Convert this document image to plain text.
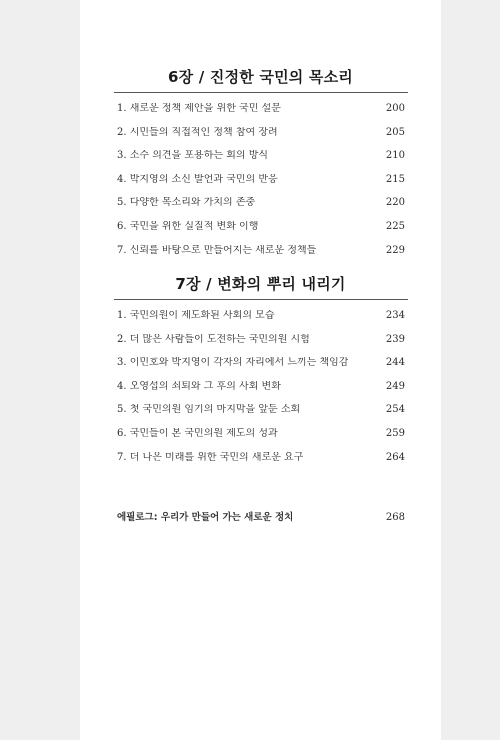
6장 / 진정한 국민의 목소리
1. 새로운 정책 제안을 위한 국민 설문	200
2. 시민들의 직접적인 정책 참여 장려	205
3. 소수 의견을 포용하는 회의 방식	210
4. 박지영의 소신 발언과 국민의 반응	215
5. 다양한 목소리와 가치의 존중	220
6. 국민을 위한 실질적 변화 이행	225
7. 신뢰를 바탕으로 만들어지는 새로운 정책들	229
7장 / 변화의 뿌리 내리기
1. 국민의원이 제도화된 사회의 모습	234
2. 더 많은 사람들이 도전하는 국민의원 시험	239
3. 이민호와 박지영이 각자의 자리에서 느끼는 책임감	244
4. 오영섭의 쇠퇴와 그 후의 사회 변화	249
5. 첫 국민의원 임기의 마지막을 앞둔 소회	254
6. 국민들이 본 국민의원 제도의 성과	259
7. 더 나은 미래를 위한 국민의 새로운 요구	264
에필로그: 우리가 만들어 가는 새로운 정치	268
